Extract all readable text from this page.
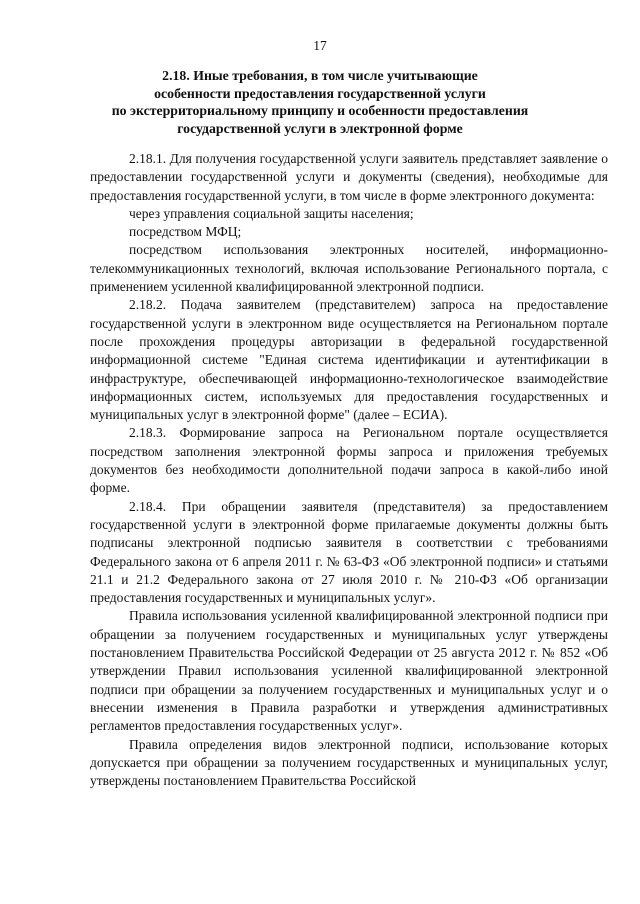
17
2.18. Иные требования, в том числе учитывающие
особенности предоставления государственной услуги
по экстерриториальному принципу и особенности предоставления
государственной услуги в электронной форме

2.18.1. Для получения государственной услуги заявитель представляет заявление о предоставлении государственной услуги и документы (сведения), необходимые для предоставления государственной услуги, в том числе в форме электронного документа:

через управления социальной защиты населения;

посредством МФЦ;

посредством использования электронных носителей, информационно-телекоммуникационных технологий, включая использование Регионального портала, с применением усиленной квалифицированной электронной подписи.

2.18.2. Подача заявителем (представителем) запроса на предоставление государственной услуги в электронном виде осуществляется на Региональном портале после прохождения процедуры авторизации в федеральной государственной информационной системе "Единая система идентификации и аутентификации в инфраструктуре, обеспечивающей информационно-технологическое взаимодействие информационных систем, используемых для предоставления государственных и муниципальных услуг в электронной форме" (далее – ЕСИА).

2.18.3. Формирование запроса на Региональном портале осуществляется посредством заполнения электронной формы запроса и приложения требуемых документов без необходимости дополнительной подачи запроса в какой-либо иной форме.

2.18.4. При обращении заявителя (представителя) за предоставлением государственной услуги в электронной форме прилагаемые документы должны быть подписаны электронной подписью заявителя в соответствии с требованиями Федерального закона от 6 апреля 2011 г. № 63-ФЗ «Об электронной подписи» и статьями 21.1 и 21.2 Федерального закона от 27 июля 2010 г. № 210-ФЗ «Об организации предоставления государственных и муниципальных услуг».

Правила использования усиленной квалифицированной электронной подписи при обращении за получением государственных и муниципальных услуг утверждены постановлением Правительства Российской Федерации от 25 августа 2012 г. № 852 «Об утверждении Правил использования усиленной квалифицированной электронной подписи при обращении за получением государственных и муниципальных услуг и о внесении изменения в Правила разработки и утверждения административных регламентов предоставления государственных услуг».

Правила определения видов электронной подписи, использование которых допускается при обращении за получением государственных и муниципальных услуг, утверждены постановлением Правительства Российской
